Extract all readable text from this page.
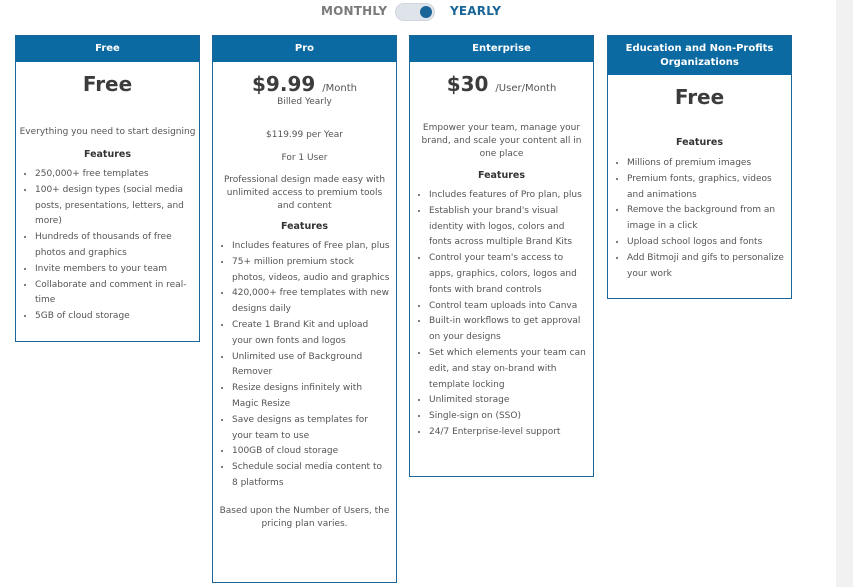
MONTHLY	YEARLY
Free
Free
Everything you need to start designing
Features
• 250,000+ free templates
• 100+ design types (social media posts, presentations, letters, and more)
• Hundreds of thousands of free photos and graphics
• Invite members to your team
• Collaborate and comment in real-time
• 5GB of cloud storage
Pro
$9.99 /Month
Billed Yearly
$119.99 per Year
For 1 User
Professional design made easy with unlimited access to premium tools and content
Features
• Includes features of Free plan, plus
• 75+ million premium stock photos, videos, audio and graphics
• 420,000+ free templates with new designs daily
• Create 1 Brand Kit and upload your own fonts and logos
• Unlimited use of Background Remover
• Resize designs infinitely with Magic Resize
• Save designs as templates for your team to use
• 100GB of cloud storage
• Schedule social media content to 8 platforms
Based upon the Number of Users, the pricing plan varies.
Enterprise
$30 /User/Month
Empower your team, manage your brand, and scale your content all in one place
Features
• Includes features of Pro plan, plus
• Establish your brand's visual identity with logos, colors and fonts across multiple Brand Kits
• Control your team's access to apps, graphics, colors, logos and fonts with brand controls
• Control team uploads into Canva
• Built-in workflows to get approval on your designs
• Set which elements your team can edit, and stay on-brand with template locking
• Unlimited storage
• Single-sign on (SSO)
• 24/7 Enterprise-level support
Education and Non-Profits Organizations
Free
Features
• Millions of premium images
• Premium fonts, graphics, videos and animations
• Remove the background from an image in a click
• Upload school logos and fonts
• Add Bitmoji and gifs to personalize your work
